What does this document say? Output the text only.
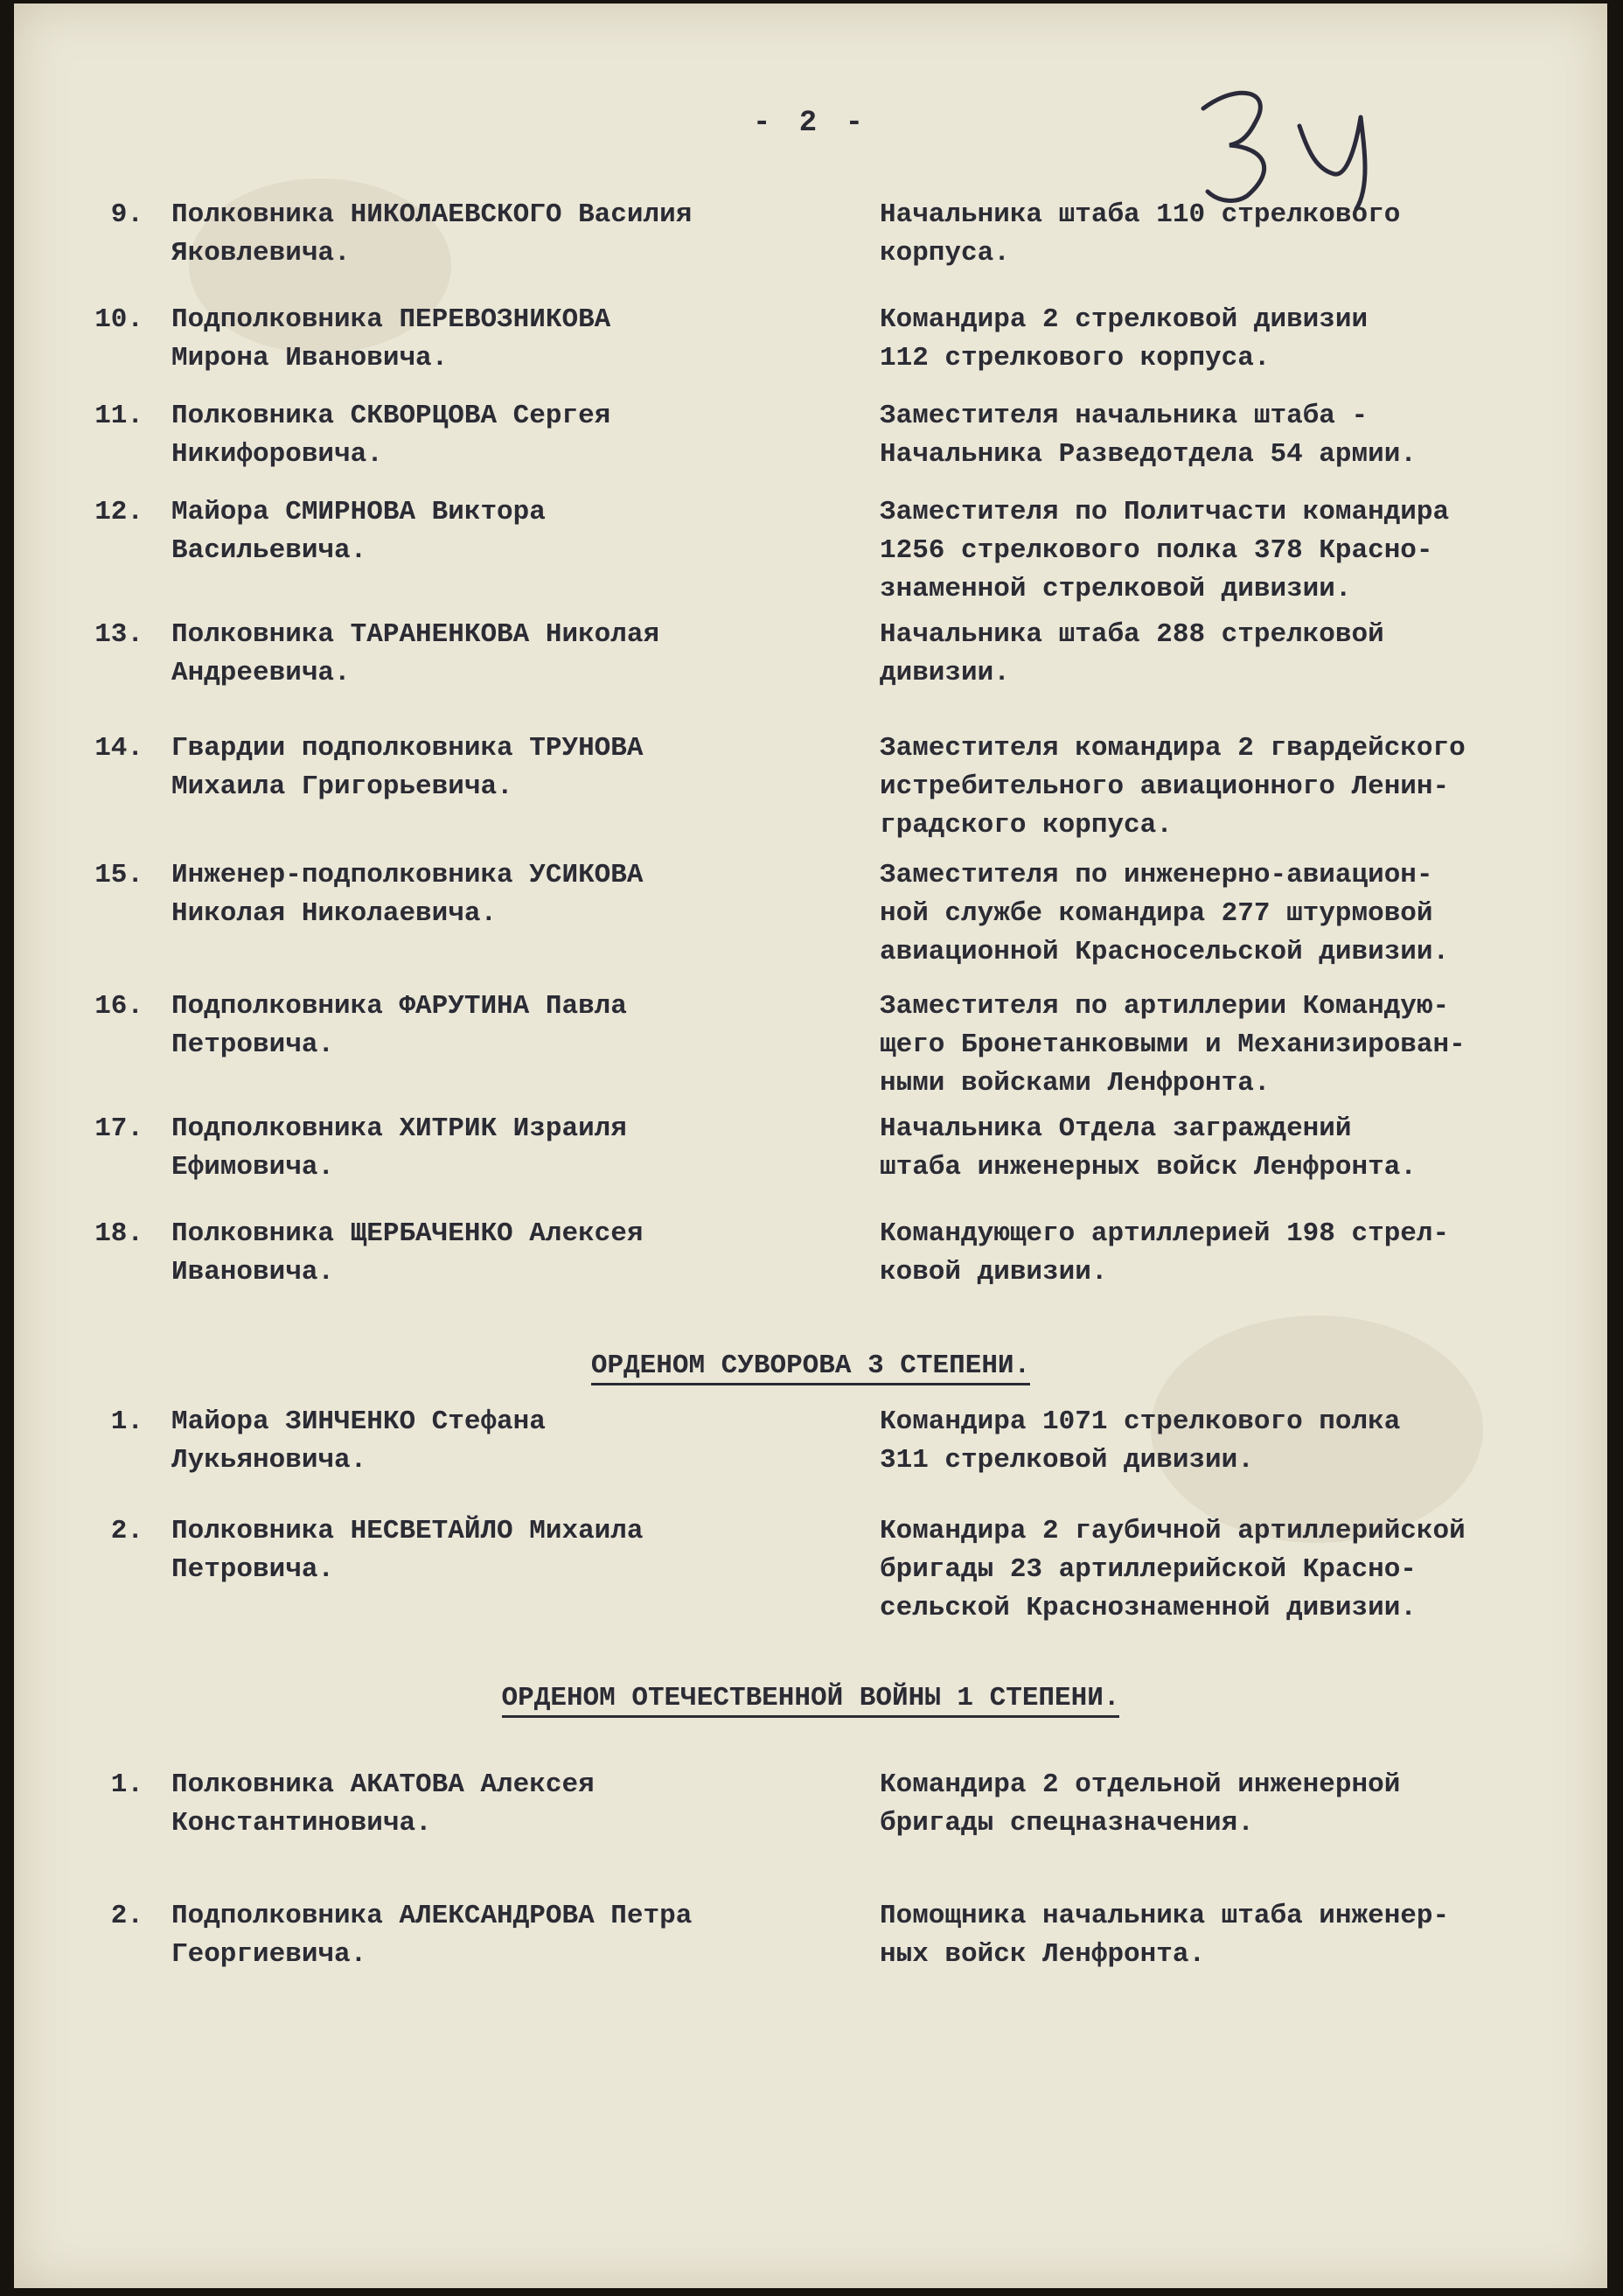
- 2 -
9. Полковника НИКОЛАЕВСКОГО Василия
Яковлевича.
Начальника штаба 110 стрелкового
корпуса.
10. Подполковника ПЕРЕВОЗНИКОВА
Мирона Ивановича.
Командира 2 стрелковой дивизии
112 стрелкового корпуса.
11. Полковника СКВОРЦОВА Сергея
Никифоровича.
Заместителя начальника штаба -
Начальника Разведотдела 54 армии.
12. Майора СМИРНОВА Виктора
Васильевича.
Заместителя по Политчасти командира
1256 стрелкового полка 378 Красно-
знаменной стрелковой дивизии.
13. Полковника ТАРАНЕНКОВА Николая
Андреевича.
Начальника штаба 288 стрелковой
дивизии.
14. Гвардии подполковника ТРУНОВА
Михаила Григорьевича.
Заместителя командира 2 гвардейского
истребительного авиационного Ленин-
градского корпуса.
15. Инженер-подполковника УСИКОВА
Николая Николаевича.
Заместителя по инженерно-авиацион-
ной службе командира 277 штурмовой
авиационной Красносельской дивизии.
16. Подполковника ФАРУТИНА Павла
Петровича.
Заместителя по артиллерии Командую-
щего Бронетанковыми и Механизирован-
ными войсками Ленфронта.
17. Подполковника ХИТРИК Израиля
Ефимовича.
Начальника Отдела заграждений
штаба инженерных войск Ленфронта.
18. Полковника ЩЕРБАЧЕНКО Алексея
Ивановича.
Командующего артиллерией 198 стрел-
ковой дивизии.
ОРДЕНОМ СУВОРОВА 3 СТЕПЕНИ.
1. Майора ЗИНЧЕНКО Стефана
Лукьяновича.
Командира 1071 стрелкового полка
311 стрелковой дивизии.
2. Полковника НЕСВЕТАЙЛО Михаила
Петровича.
Командира 2 гаубичной артиллерийской
бригады 23 артиллерийской Красно-
сельской Краснознаменной дивизии.
ОРДЕНОМ ОТЕЧЕСТВЕННОЙ ВОЙНЫ 1 СТЕПЕНИ.
1. Полковника АКАТОВА Алексея
Константиновича.
Командира 2 отдельной инженерной
бригады спецназначения.
2. Подполковника АЛЕКСАНДРОВА Петра
Георгиевича.
Помощника начальника штаба инженер-
ных войск Ленфронта.
